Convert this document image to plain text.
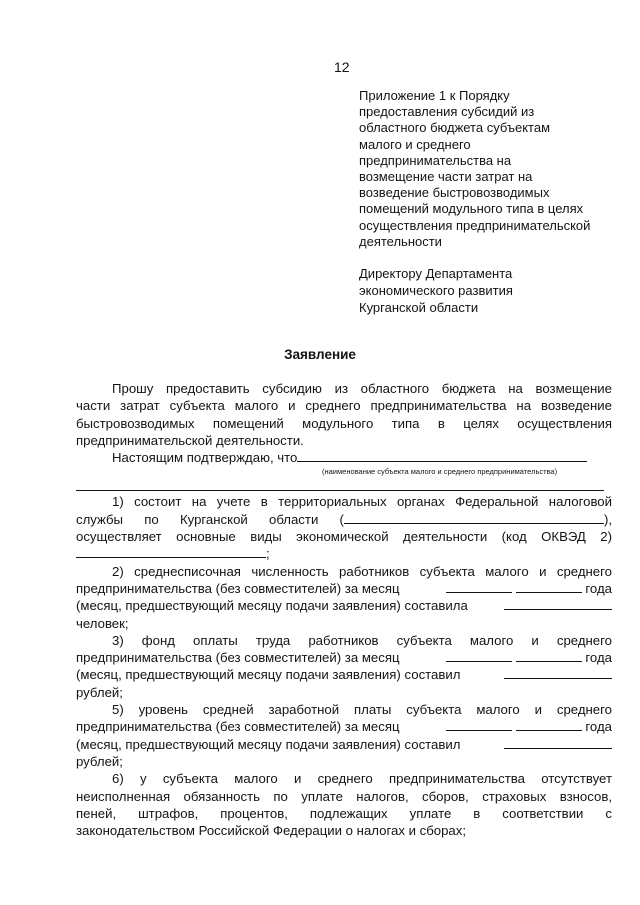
12
Приложение 1 к Порядку
предоставления субсидий из
областного бюджета субъектам
малого и среднего
предпринимательства на
возмещение части затрат на
возведение быстровозводимых
помещений модульного типа в целях
осуществления предпринимательской
деятельности
Директору Департамента
экономического развития
Курганской области
Заявление
Прошу предоставить субсидию из областного бюджета на возмещение
части затрат субъекта малого и среднего предпринимательства на возведение
быстровозводимых помещений модульного типа в целях осуществления
предпринимательской деятельности.
Настоящим подтверждаю, что
(наименование субъекта малого и среднего предпринимательства)
1) состоит на учете в территориальных органах Федеральной налоговой
службы по Курганской области (	),
осуществляет основные виды экономической деятельности (код ОКВЭД 2)
;
2) среднесписочная численность работников субъекта малого и среднего
предпринимательства (без совместителей) за месяц	года
(месяц, предшествующий месяцу подачи заявления) составила
человек;
3) фонд оплаты труда работников субъекта малого и среднего
предпринимательства (без совместителей) за месяц	года
(месяц, предшествующий месяцу подачи заявления) составил
рублей;
5) уровень средней заработной платы субъекта малого и среднего
предпринимательства (без совместителей) за месяц	года
(месяц, предшествующий месяцу подачи заявления) составил
рублей;
6) у субъекта малого и среднего предпринимательства отсутствует
неисполненная обязанность по уплате налогов, сборов, страховых взносов,
пеней, штрафов, процентов, подлежащих уплате в соответствии с
законодательством Российской Федерации о налогах и сборах;
